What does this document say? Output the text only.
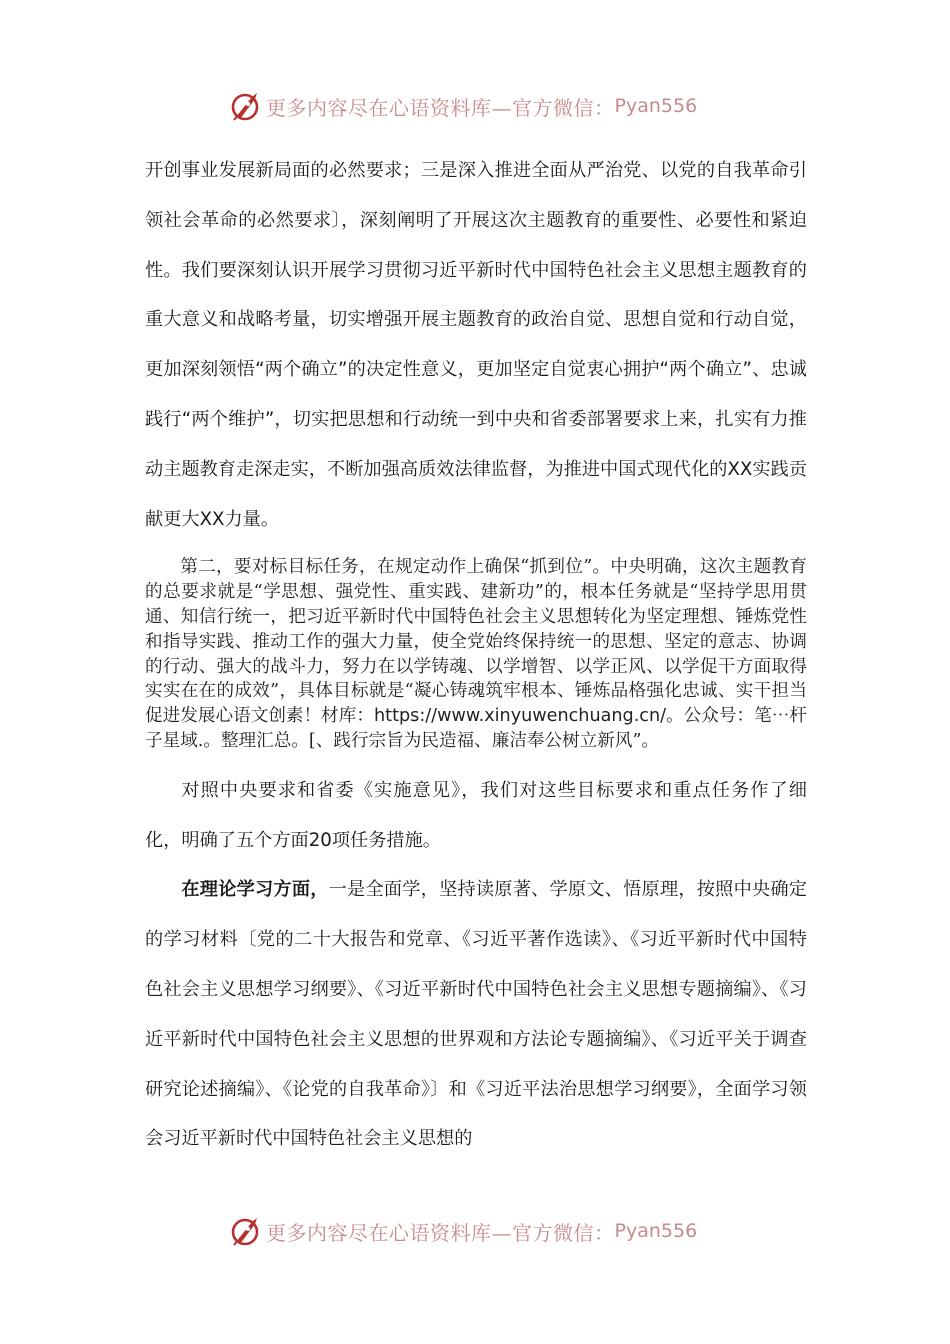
更多内容尽在心语资料库—官方微信： Pyan556

开创事业发展新局面的必然要求；三是深入推进全面从严治党、以党的自我革命引领社会革命的必然要求〕，深刻阐明了开展这次主题教育的重要性、必要性和紧迫性。我们要深刻认识开展学习贯彻习近平新时代中国特色社会主义思想主题教育的重大意义和战略考量，切实增强开展主题教育的政治自觉、思想自觉和行动自觉，更加深刻领悟“两个确立”的决定性意义，更加坚定自觉衷心拥护“两个确立”、忠诚践行“两个维护”，切实把思想和行动统一到中央和省委部署要求上来，扎实有力推动主题教育走深走实，不断加强高质效法律监督，为推进中国式现代化的XX实践贡献更大XX力量。

第二，要对标目标任务，在规定动作上确保“抓到位”。中央明确，这次主题教育的总要求就是“学思想、强党性、重实践、建新功”的，根本任务就是“坚持学思用贯通、知信行统一，把习近平新时代中国特色社会主义思想转化为坚定理想、锤炼党性和指导实践、推动工作的强大力量，使全党始终保持统一的思想、坚定的意志、协调的行动、强大的战斗力，努力在以学铸魂、以学增智、以学正风、以学促干方面取得实实在在的成效”，具体目标就是“凝心铸魂筑牢根本、锤炼品格强化忠诚、实干担当促进发展心语文创素！材库：https://www.xinyuwenchuang.cn/。公众号：笔⋯杆子星域.。整理汇总。[、践行宗旨为民造福、廉洁奉公树立新风”。

对照中央要求和省委《实施意见》，我们对这些目标要求和重点任务作了细化，明确了五个方面20项任务措施。

在理论学习方面，一是全面学，坚持读原著、学原文、悟原理，按照中央确定的学习材料〔党的二十大报告和党章、《习近平著作选读》、《习近平新时代中国特色社会主义思想学习纲要》、《习近平新时代中国特色社会主义思想专题摘编》、《习近平新时代中国特色社会主义思想的世界观和方法论专题摘编》、《习近平关于调查研究论述摘编》、《论党的自我革命》〕和《习近平法治思想学习纲要》，全面学习领会习近平新时代中国特色社会主义思想的

更多内容尽在心语资料库—官方微信： Pyan556
